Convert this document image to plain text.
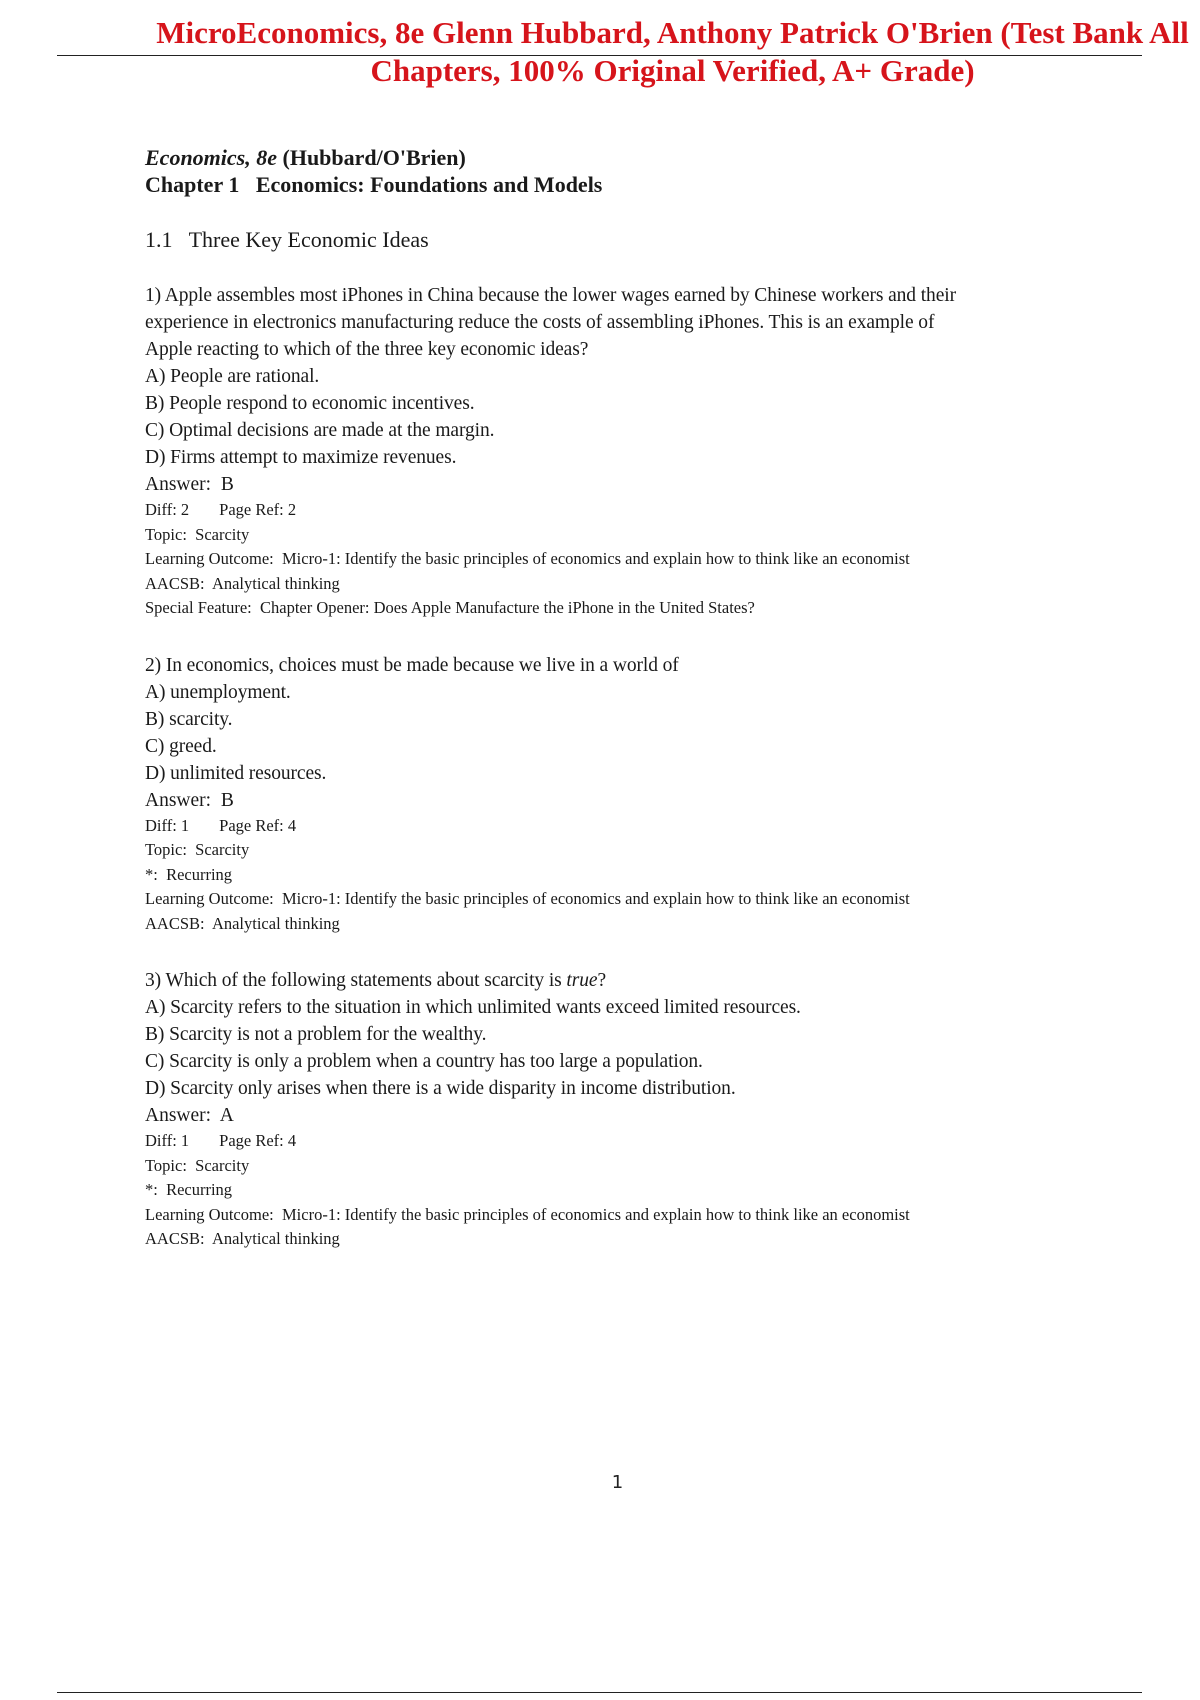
MicroEconomics, 8e Glenn Hubbard, Anthony Patrick O'Brien (Test Bank All Chapters, 100% Original Verified, A+ Grade)
Economics, 8e (Hubbard/O'Brien)
Chapter 1   Economics: Foundations and Models
1.1   Three Key Economic Ideas
1) Apple assembles most iPhones in China because the lower wages earned by Chinese workers and their
experience in electronics manufacturing reduce the costs of assembling iPhones. This is an example of
Apple reacting to which of the three key economic ideas?
A) People are rational.
B) People respond to economic incentives.
C) Optimal decisions are made at the margin.
D) Firms attempt to maximize revenues.
Answer:  B
Diff: 2 Page Ref: 2
Topic:  Scarcity
Learning Outcome:  Micro-1: Identify the basic principles of economics and explain how to think like an economist
AACSB:  Analytical thinking
Special Feature:  Chapter Opener: Does Apple Manufacture the iPhone in the United States?
2) In economics, choices must be made because we live in a world of
A) unemployment.
B) scarcity.
C) greed.
D) unlimited resources.
Answer:  B
Diff: 1 Page Ref: 4
Topic:  Scarcity
*:  Recurring
Learning Outcome:  Micro-1: Identify the basic principles of economics and explain how to think like an economist
AACSB:  Analytical thinking
3) Which of the following statements about scarcity is true?
A) Scarcity refers to the situation in which unlimited wants exceed limited resources.
B) Scarcity is not a problem for the wealthy.
C) Scarcity is only a problem when a country has too large a population.
D) Scarcity only arises when there is a wide disparity in income distribution.
Answer:  A
Diff: 1 Page Ref: 4
Topic:  Scarcity
*:  Recurring
Learning Outcome:  Micro-1: Identify the basic principles of economics and explain how to think like an economist
AACSB:  Analytical thinking
1
